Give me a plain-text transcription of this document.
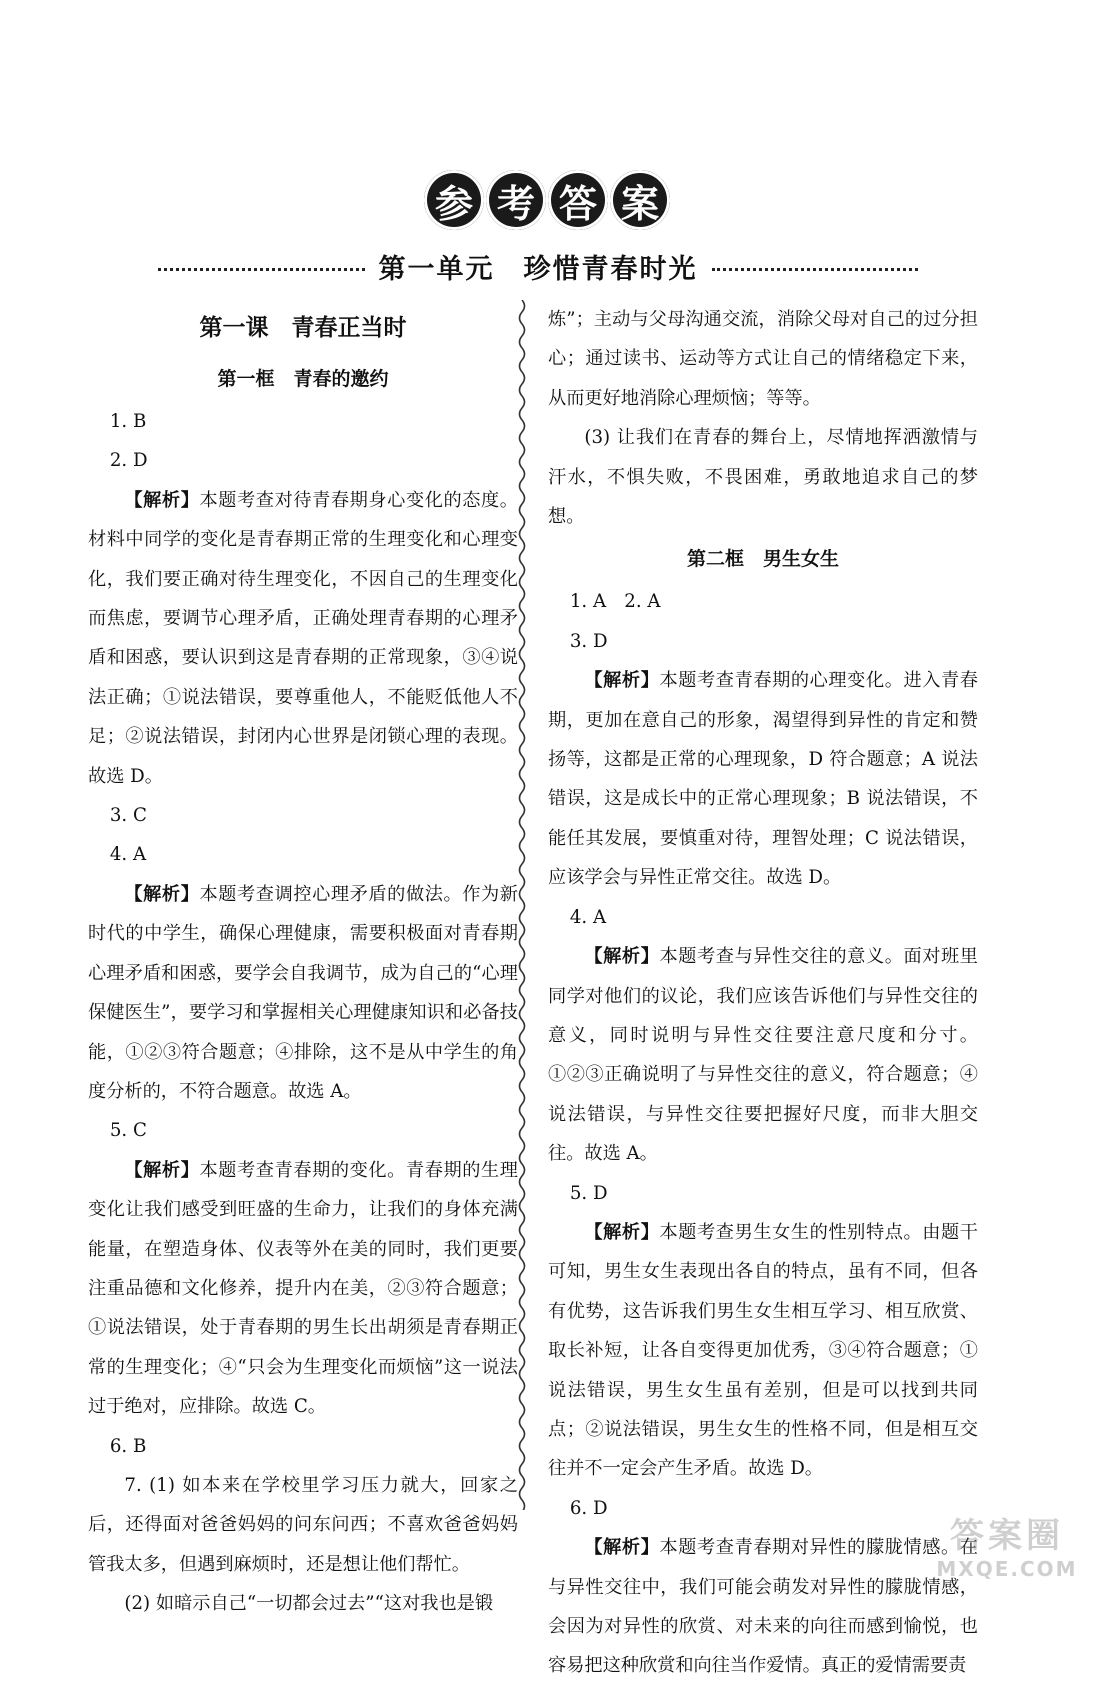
参 考 答 案
第一单元　珍惜青春时光

第一课　青春正当时

第一框　青春的邀约

1. B

2. D

【解析】本题考查对待青春期身心变化的态度。材料中同学的变化是青春期正常的生理变化和心理变化，我们要正确对待生理变化，不因自己的生理变化而焦虑，要调节心理矛盾，正确处理青春期的心理矛盾和困惑，要认识到这是青春期的正常现象，③④说法正确；①说法错误，要尊重他人，不能贬低他人不足；②说法错误，封闭内心世界是闭锁心理的表现。故选 D。

3. C

4. A

【解析】本题考查调控心理矛盾的做法。作为新时代的中学生，确保心理健康，需要积极面对青春期心理矛盾和困惑，要学会自我调节，成为自己的“心理保健医生”，要学习和掌握相关心理健康知识和必备技能，①②③符合题意；④排除，这不是从中学生的角度分析的，不符合题意。故选 A。

5. C

【解析】本题考查青春期的变化。青春期的生理变化让我们感受到旺盛的生命力，让我们的身体充满能量，在塑造身体、仪表等外在美的同时，我们更要注重品德和文化修养，提升内在美，②③符合题意；①说法错误，处于青春期的男生长出胡须是青春期正常的生理变化；④“只会为生理变化而烦恼”这一说法过于绝对，应排除。故选 C。

6. B

7. (1) 如本来在学校里学习压力就大，回家之后，还得面对爸爸妈妈的问东问西；不喜欢爸爸妈妈管我太多，但遇到麻烦时，还是想让他们帮忙。

(2) 如暗示自己“一切都会过去”“这对我也是锻

炼”；主动与父母沟通交流，消除父母对自己的过分担心；通过读书、运动等方式让自己的情绪稳定下来，从而更好地消除心理烦恼；等等。

(3) 让我们在青春的舞台上，尽情地挥洒激情与汗水，不惧失败，不畏困难，勇敢地追求自己的梦想。

第二框　男生女生

1. A　2. A

3. D

【解析】本题考查青春期的心理变化。进入青春期，更加在意自己的形象，渴望得到异性的肯定和赞扬等，这都是正常的心理现象，D 符合题意；A 说法错误，这是成长中的正常心理现象；B 说法错误，不能任其发展，要慎重对待，理智处理；C 说法错误，应该学会与异性正常交往。故选 D。

4. A

【解析】本题考查与异性交往的意义。面对班里同学对他们的议论，我们应该告诉他们与异性交往的意义，同时说明与异性交往要注意尺度和分寸。①②③正确说明了与异性交往的意义，符合题意；④说法错误，与异性交往要把握好尺度，而非大胆交往。故选 A。

5. D

【解析】本题考查男生女生的性别特点。由题干可知，男生女生表现出各自的特点，虽有不同，但各有优势，这告诉我们男生女生相互学习、相互欣赏、取长补短，让各自变得更加优秀，③④符合题意；①说法错误，男生女生虽有差别，但是可以找到共同点；②说法错误，男生女生的性格不同，但是相互交往并不一定会产生矛盾。故选 D。

6. D

【解析】本题考查青春期对异性的朦胧情感。在与异性交往中，我们可能会萌发对异性的朦胧情感，会因为对异性的欣赏、对未来的向往而感到愉悦，也容易把这种欣赏和向往当作爱情。真正的爱情需要责

答案圈
MXQE.COM
